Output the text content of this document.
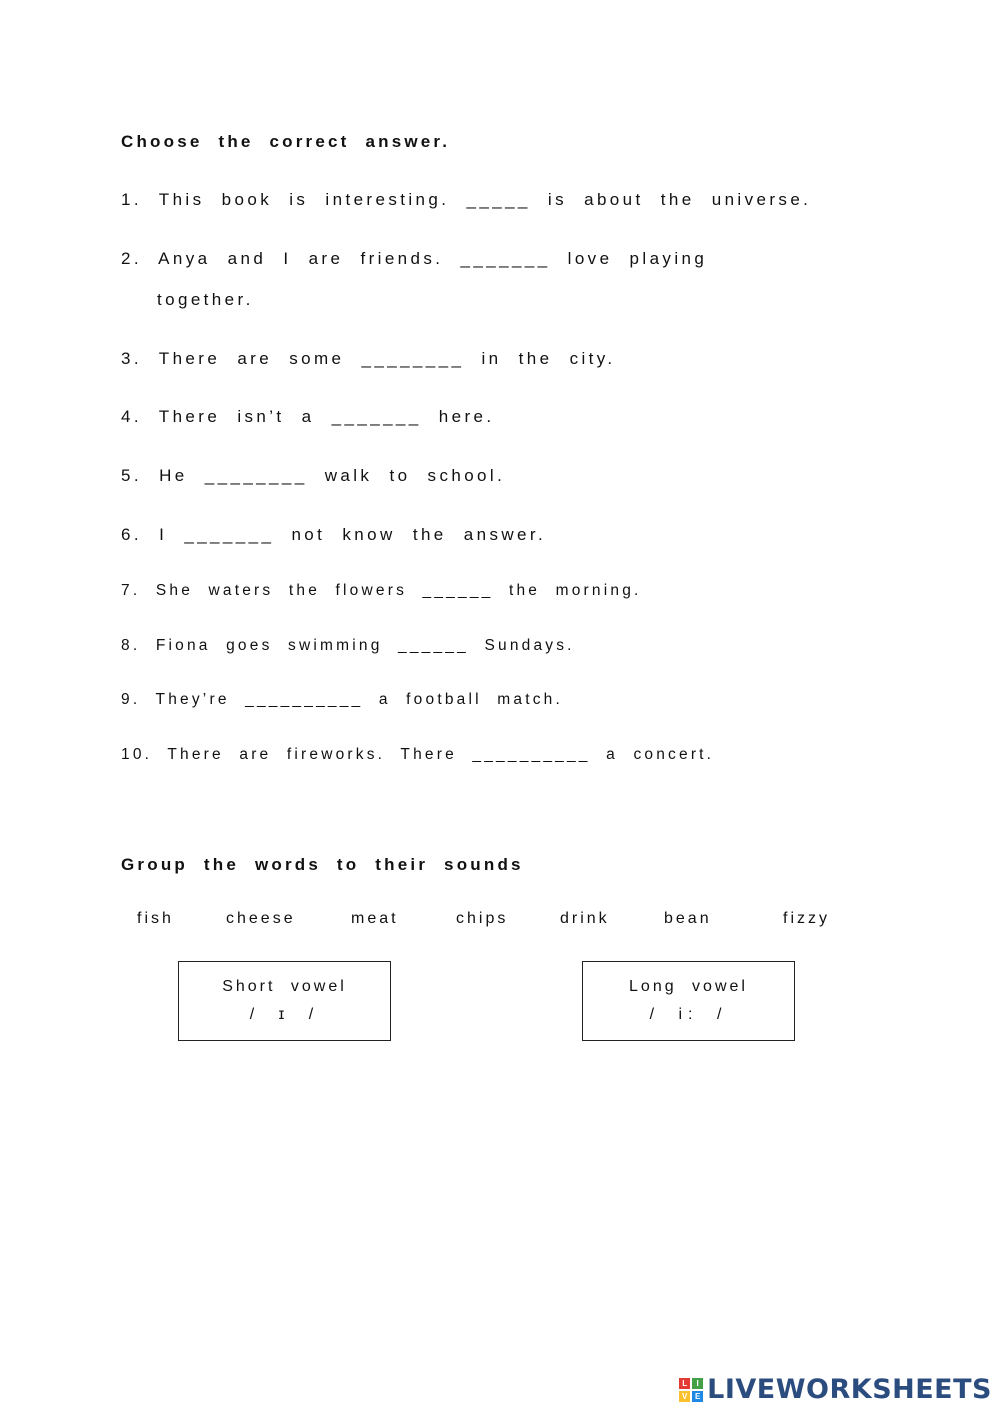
Choose the correct answer.
1. This book is interesting. _____ is about the universe.
2. Anya and I are friends. _______ love playing
together.
3. There are some ________ in the city.
4. There isn’t a _______ here.
5. He ________ walk to school.
6. I _______ not know the answer.
7. She waters the flowers ______ the morning.
8. Fiona goes swimming ______ Sundays.
9. They’re __________ a football match.
10. There are fireworks. There __________ a concert.
Group the words to their sounds
fish	cheese	meat	chips	drink	bean	fizzy
Short vowel
/ ɪ /
Long vowel
/ i: /
L	I
V E LIVEWORKSHEETS
